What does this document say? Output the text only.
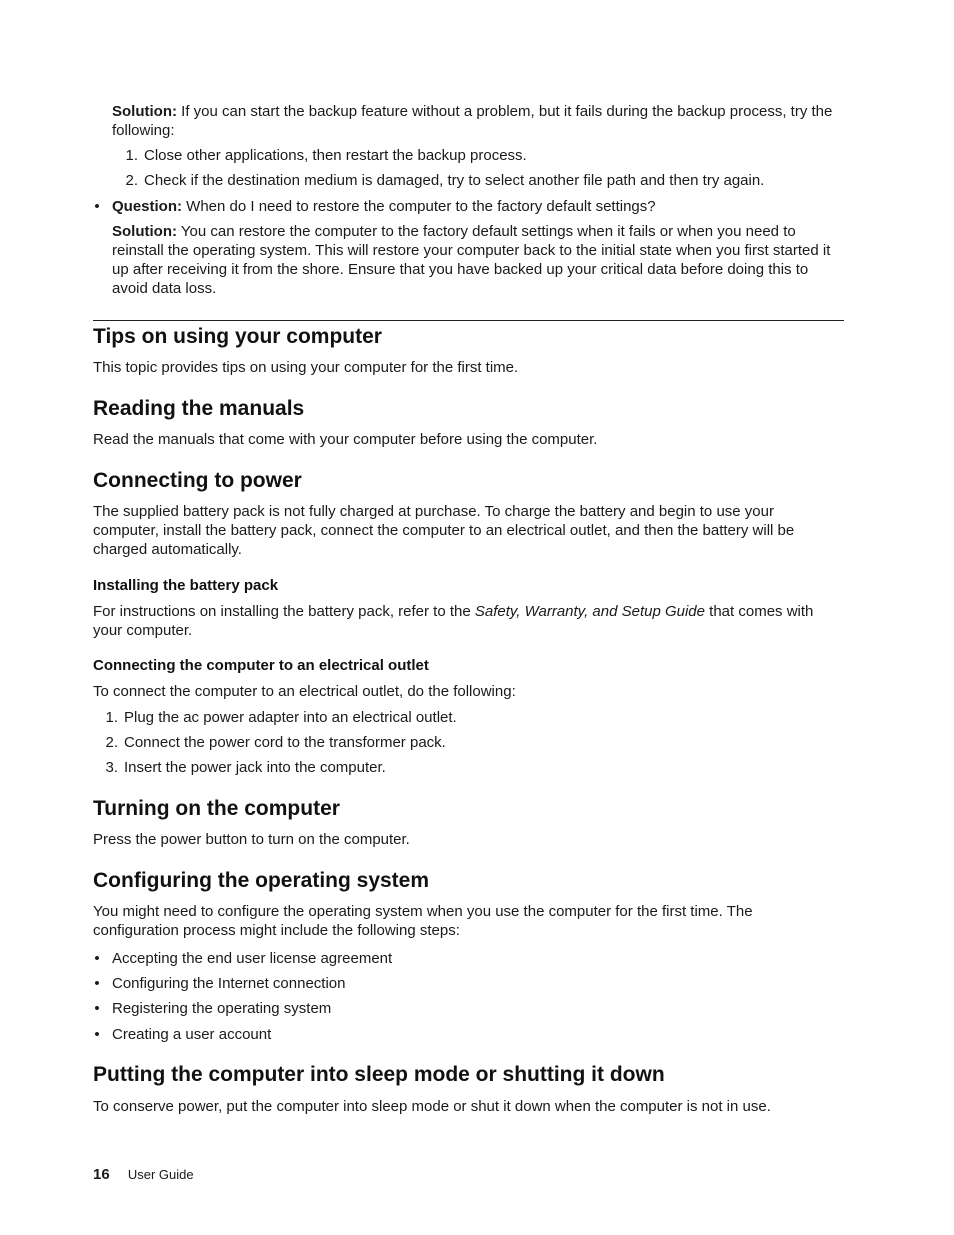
Solution: If you can start the backup feature without a problem, but it fails during the backup process, try the following:

1. Close other applications, then restart the backup process.
2. Check if the destination medium is damaged, try to select another file path and then try again.
• Question: When do I need to restore the computer to the factory default settings?

Solution: You can restore the computer to the factory default settings when it fails or when you need to reinstall the operating system. This will restore your computer back to the initial state when you first started it up after receiving it from the shore. Ensure that you have backed up your critical data before doing this to avoid data loss.

Tips on using your computer

This topic provides tips on using your computer for the first time.

Reading the manuals

Read the manuals that come with your computer before using the computer.

Connecting to power

The supplied battery pack is not fully charged at purchase. To charge the battery and begin to use your computer, install the battery pack, connect the computer to an electrical outlet, and then the battery will be charged automatically.

Installing the battery pack

For instructions on installing the battery pack, refer to the Safety, Warranty, and Setup Guide that comes with your computer.

Connecting the computer to an electrical outlet

To connect the computer to an electrical outlet, do the following:

1. Plug the ac power adapter into an electrical outlet.
2. Connect the power cord to the transformer pack.
3. Insert the power jack into the computer.
Turning on the computer

Press the power button to turn on the computer.

Configuring the operating system

You might need to configure the operating system when you use the computer for the first time. The configuration process might include the following steps:

• Accepting the end user license agreement
• Configuring the Internet connection
• Registering the operating system
• Creating a user account
Putting the computer into sleep mode or shutting it down

To conserve power, put the computer into sleep mode or shut it down when the computer is not in use.

16 User Guide
